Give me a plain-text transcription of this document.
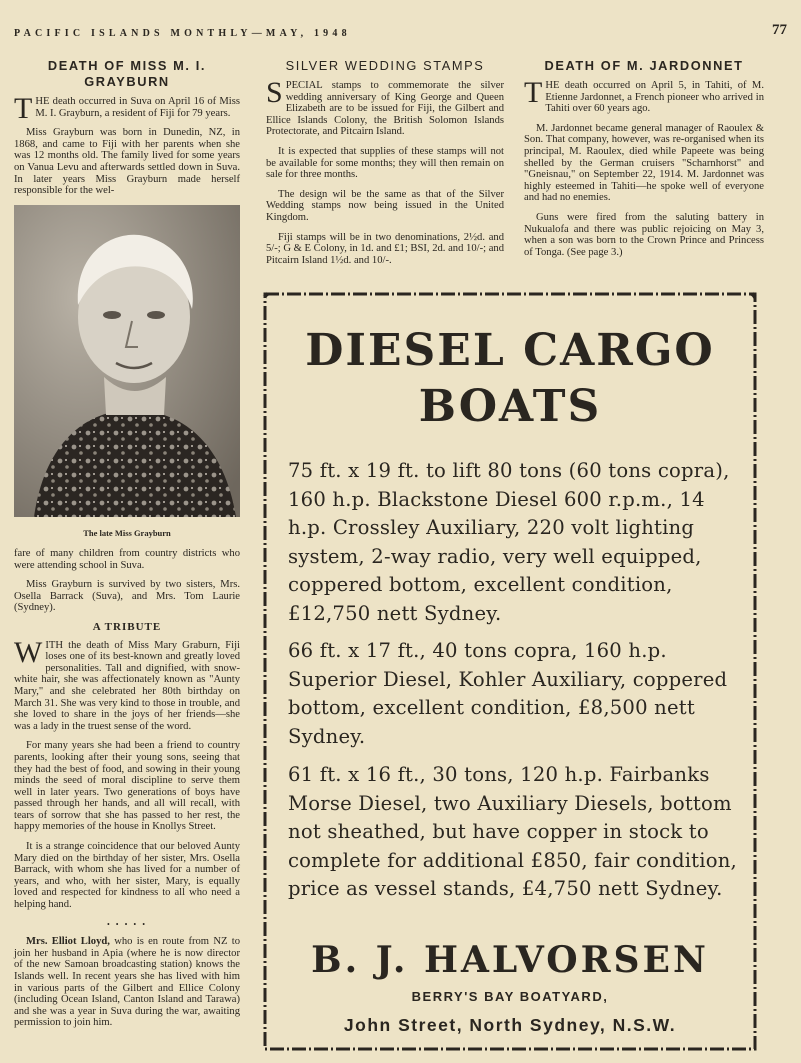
PACIFIC ISLANDS MONTHLY—MAY, 1948	77
DEATH OF MISS M. I. GRAYBURN

THE death occurred in Suva on April 16 of Miss M. I. Grayburn, a resident of Fiji for 79 years.

Miss Grayburn was born in Dunedin, NZ, in 1868, and came to Fiji with her parents when she was 12 months old. The family lived for some years on Vanua Levu and afterwards settled down in Suva. In later years Miss Grayburn made herself responsible for the wel-

The late Miss Grayburn

fare of many children from country districts who were attending school in Suva.

Miss Grayburn is survived by two sisters, Mrs. Osella Barrack (Suva), and Mrs. Tom Laurie (Sydney).

A TRIBUTE

WITH the death of Miss Mary Graburn, Fiji loses one of its best-known and greatly loved personalities. Tall and dignified, with snow-white hair, she was affectionately known as "Aunty Mary," and she celebrated her 80th birthday on March 31. She was very kind to those in trouble, and she loved to share in the joys of her friends—she was a lady in the truest sense of the word.

For many years she had been a friend to country parents, looking after their young sons, seeing that they had the best of food, and sowing in their young minds the seed of moral discipline to serve them well in later years. Two generations of boys have passed through her hands, and all will recall, with tears of sorrow that she has passed to her rest, the happy memories of the house in Knollys Street.

It is a strange coincidence that our beloved Aunty Mary died on the birthday of her sister, Mrs. Osella Barrack, with whom she has lived for a number of years, and who, with her sister, Mary, is equally loved and respected for kindness to all who need a helping hand.

• • • • •

Mrs. Elliot Lloyd, who is en route from NZ to join her husband in Apia (where he is now director of the new Samoan broadcasting station) knows the Islands well. In recent years she has lived with him in various parts of the Gilbert and Ellice Colony (including Ocean Island, Canton Island and Tarawa) and she was a year in Suva during the war, awaiting permission to join him.

SILVER WEDDING STAMPS

SPECIAL stamps to commemorate the silver wedding anniversary of King George and Queen Elizabeth are to be issued for Fiji, the Gilbert and Ellice Islands Colony, the British Solomon Islands Protectorate, and Pitcairn Island.

It is expected that supplies of these stamps will not be available for some months; they will then remain on sale for three months.

The design wil be the same as that of the Silver Wedding stamps now being issued in the United Kingdom.

Fiji stamps will be in two denominations, 2½d. and 5/-; G & E Colony, in 1d. and £1; BSI, 2d. and 10/-; and Pitcairn Island 1½d. and 10/-.

DEATH OF M. JARDONNET

THE death occurred on April 5, in Tahiti, of M. Etienne Jardonnet, a French pioneer who arrived in Tahiti over 60 years ago.

M. Jardonnet became general manager of Raoulex & Son. That company, however, was re-organised when its principal, M. Raoulex, died while Papeete was being shelled by the German cruisers "Scharnhorst" and "Gneisnau," on September 22, 1914. M. Jardonnet was highly esteemed in Tahiti—he spoke well of everyone and had no enemies.

Guns were fired from the saluting battery in Nukualofa and there was public rejoicing on May 3, when a son was born to the Crown Prince and Princess of Tonga. (See page 3.)

✦	✦
DIESEL CARGO
BOATS
75 ft. x 19 ft. to lift 80 tons (60 tons copra), 160 h.p. Blackstone Diesel 600 r.p.m., 14 h.p. Crossley Auxiliary, 220 volt lighting system, 2-way radio, very well equipped, coppered bottom, excellent condition, £12,750 nett Sydney.
66 ft. x 17 ft., 40 tons copra, 160 h.p. Superior Diesel, Kohler Auxiliary, coppered bottom, excellent condition, £8,500 nett Sydney.
61 ft. x 16 ft., 30 tons, 120 h.p. Fairbanks Morse Diesel, two Auxiliary Diesels, bottom not sheathed, but have copper in stock to complete for additional £850, fair condition, price as vessel stands, £4,750 nett Sydney.
B. J. HALVORSEN
BERRY'S BAY BOATYARD,
John Street, North Sydney, N.S.W.
